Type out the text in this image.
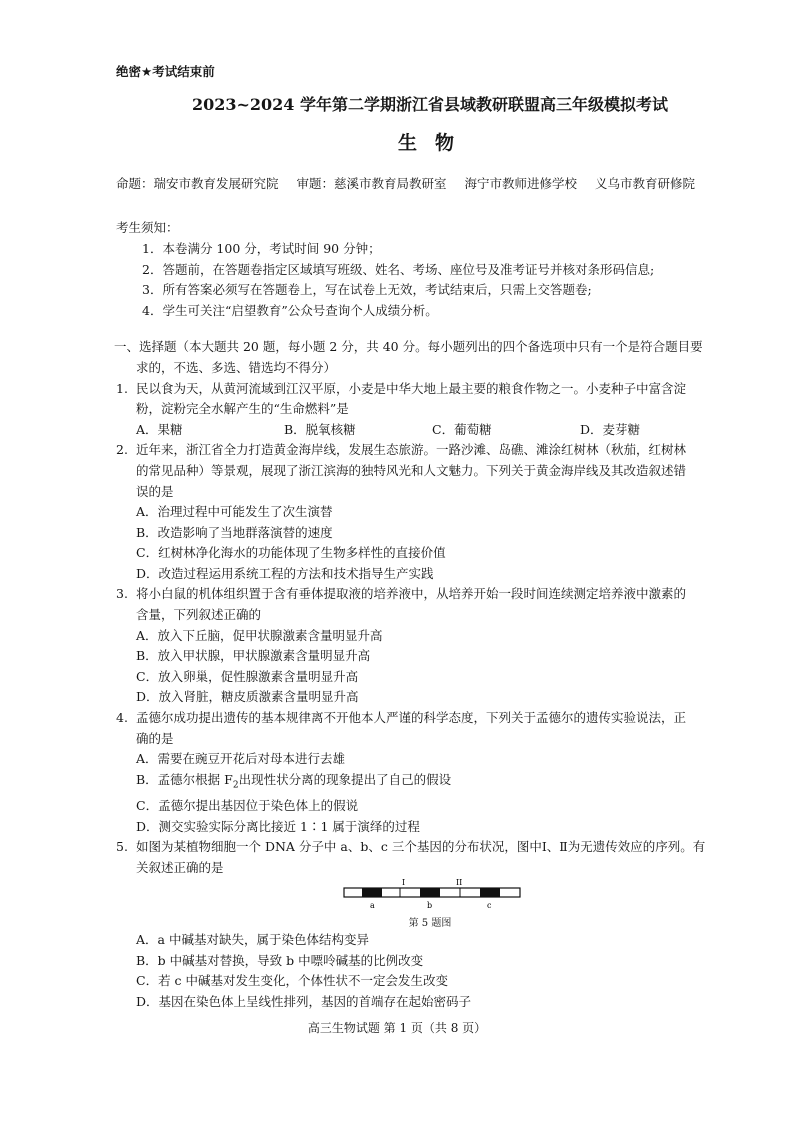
绝密★考试结束前
2023~2024 学年第二学期浙江省县域教研联盟高三年级模拟考试
生物
命题：瑞安市教育发展研究院 审题：慈溪市教育局教研室 海宁市教师进修学校 义乌市教育研修院
考生须知：
1．本卷满分 100 分，考试时间 90 分钟；
2．答题前，在答题卷指定区域填写班级、姓名、考场、座位号及准考证号并核对条形码信息;
3．所有答案必须写在答题卷上，写在试卷上无效，考试结束后，只需上交答题卷;
4．学生可关注“启望教育”公众号查询个人成绩分析。
一、选择题（本大题共 20 题，每小题 2 分，共 40 分。每小题列出的四个备选项中只有一个是符合题目要
求的，不选、多选、错选均不得分）
1. 民以食为天，从黄河流域到江汉平原，小麦是中华大地上最主要的粮食作物之一。小麦种子中富含淀
粉，淀粉完全水解产生的“生命燃料”是
A．果糖	B．脱氧核糖	C．葡萄糖	D．麦芽糖
2. 近年来，浙江省全力打造黄金海岸线，发展生态旅游。一路沙滩、岛礁、滩涂红树林（秋茄，红树林
的常见品种）等景观，展现了浙江滨海的独特风光和人文魅力。下列关于黄金海岸线及其改造叙述错
误的是
A．治理过程中可能发生了次生演替
B．改造影响了当地群落演替的速度
C．红树林净化海水的功能体现了生物多样性的直接价值
D．改造过程运用系统工程的方法和技术指导生产实践
3. 将小白鼠的机体组织置于含有垂体提取液的培养液中，从培养开始一段时间连续测定培养液中激素的
含量，下列叙述正确的
A．放入下丘脑，促甲状腺激素含量明显升高
B．放入甲状腺，甲状腺激素含量明显升高
C．放入卵巢，促性腺激素含量明显升高
D．放入肾脏，糖皮质激素含量明显升高
4. 孟德尔成功提出遗传的基本规律离不开他本人严谨的科学态度，下列关于孟德尔的遗传实验说法，正
确的是
A．需要在豌豆开花后对母本进行去雄
B．孟德尔根据 $F_2$出现性状分离的现象提出了自己的假设
C．孟德尔提出基因位于染色体上的假说
D．测交实验实际分离比接近 1∶1 属于演绎的过程
5. 如图为某植物细胞一个 DNA 分子中 a、b、c 三个基因的分布状况，图中Ⅰ、Ⅱ为无遗传效应的序列。有
关叙述正确的是
I	II
a	b	c
第 5 题图
A．a 中碱基对缺失，属于染色体结构变异
B．b 中碱基对替换，导致 b 中嘌呤碱基的比例改变
C．若 c 中碱基对发生变化，个体性状不一定会发生改变
D．基因在染色体上呈线性排列，基因的首端存在起始密码子
高三生物试题 第 1 页（共 8 页）
